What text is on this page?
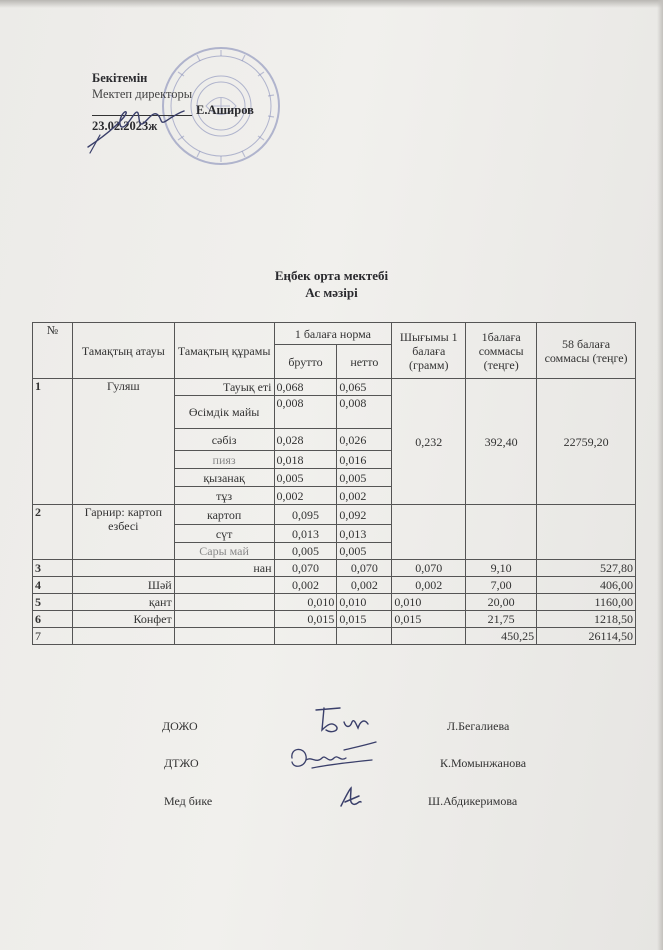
Бекітемін
Мектеп директоры
Е.Аширов
23.02.2023ж
Еңбек орта мектебі
Ас мәзірі
№	Тамақтың атауы	Тамақтың құрамы	1 балаға норма		Шығымы 1 балаға (грамм)	1балаға соммасы (теңге)	58 балаға соммасы (теңге)
			брутто	нетто			
1	Гуляш	Тауық еті	0,068	0,065	0,232	392,40	22759,20
		Өсімдік майы	0,008	0,008			
		сәбіз	0,028	0,026			
		пияз	0,018	0,016			
		қызанақ	0,005	0,005			
		тұз	0,002	0,002			
2	Гарнир: картоп езбесі	картоп	0,095	0,092			
		сүт	0,013	0,013			
		Сары май	0,005	0,005			
3		нан	0,070	0,070	0,070	9,10	527,80
4	Шәй		0,002	0,002	0,002	7,00	406,00
5	қант		0,010	0,010	0,010	20,00	1160,00
6	Конфет		0,015	0,015	0,015	21,75	1218,50
7						450,25	26114,50
ДОЖО	Л.Бегалиева
ДТЖО	К.Момынжанова
Мед бике	Ш.Абдикеримова
